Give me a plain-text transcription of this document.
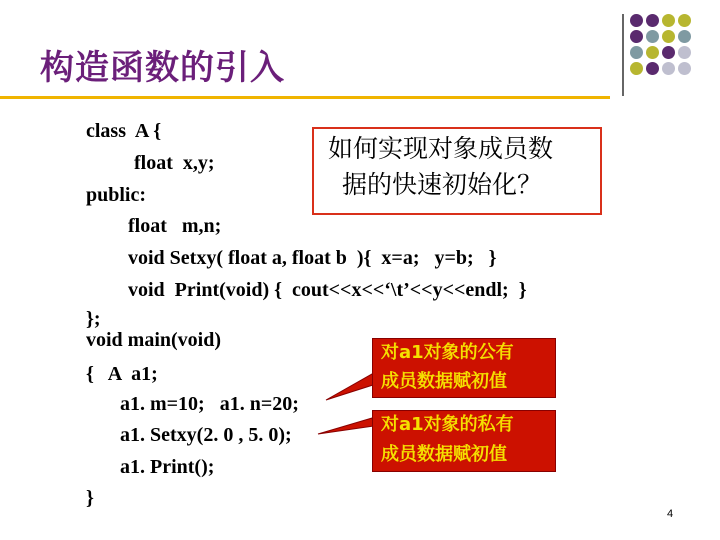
构造函数的引入
如何实现对象成员数
据的快速初始化？
class  A {
float  x,y;
public:
float   m,n;
void Setxy( float a, float b  ){  x=a;   y=b;   }
void  Print(void) {  cout<<x<<‘\t’<<y<<endl;  }
};
void main(void)
{   A  a1;
a1. m=10;   a1. n=20;
a1. Setxy(2. 0 , 5. 0);
a1. Print();
}
对a1对象的公有
成员数据赋初值
对a1对象的私有
成员数据赋初值
4
